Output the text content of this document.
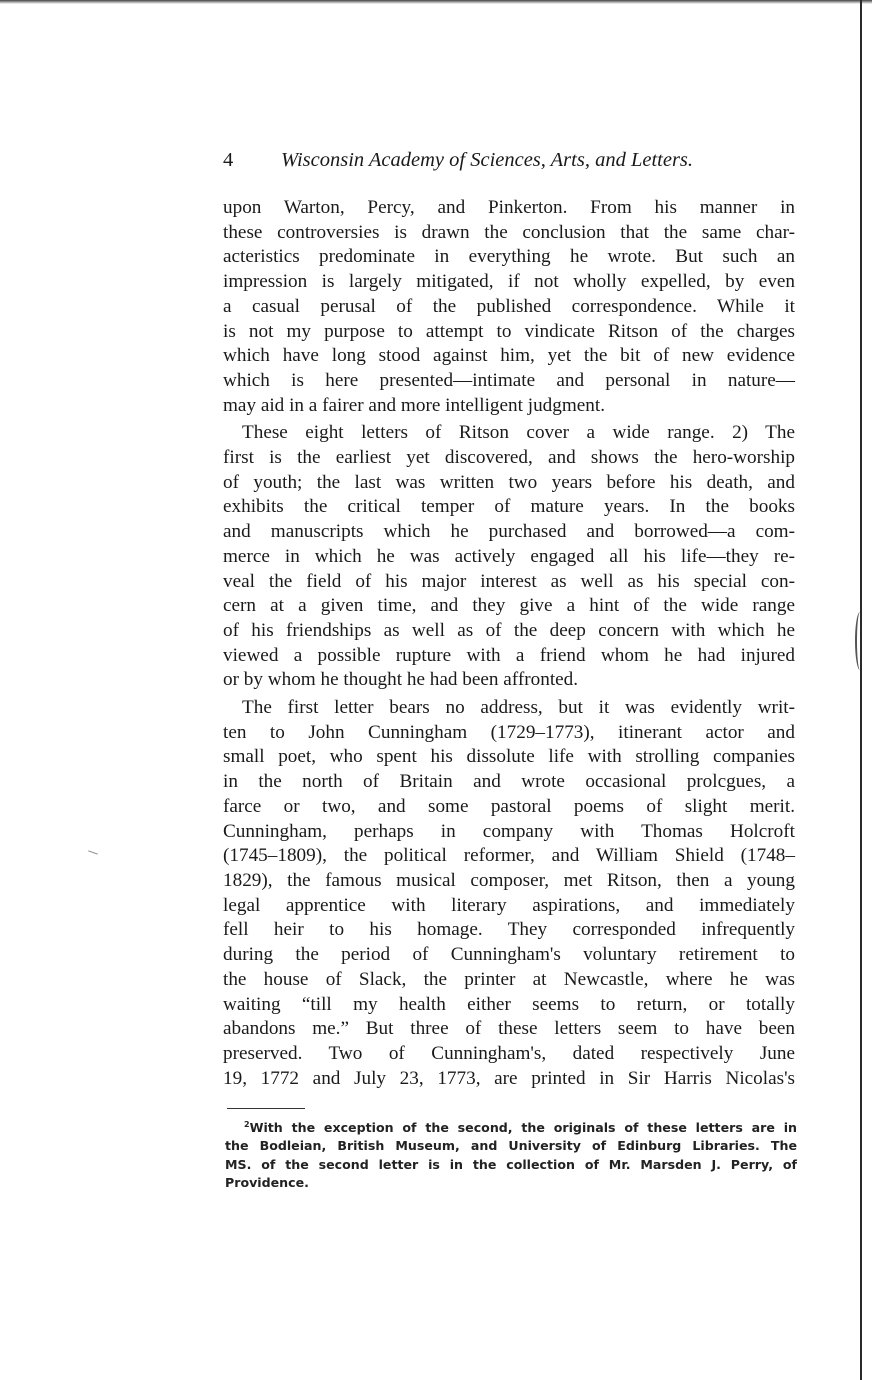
4 Wisconsin Academy of Sciences, Arts, and Letters.
upon Warton, Percy, and Pinkerton. From his manner in
these controversies is drawn the conclusion that the same char-
acteristics predominate in everything he wrote. But such an
impression is largely mitigated, if not wholly expelled, by even
a casual perusal of the published correspondence. While it
is not my purpose to attempt to vindicate Ritson of the charges
which have long stood against him, yet the bit of new evidence
which is here presented—intimate and personal in nature—
may aid in a fairer and more intelligent judgment.
These eight letters of Ritson cover a wide range. 2) The
first is the earliest yet discovered, and shows the hero-worship
of youth; the last was written two years before his death, and
exhibits the critical temper of mature years. In the books
and manuscripts which he purchased and borrowed—a com-
merce in which he was actively engaged all his life—they re-
veal the field of his major interest as well as his special con-
cern at a given time, and they give a hint of the wide range
of his friendships as well as of the deep concern with which he
viewed a possible rupture with a friend whom he had injured
or by whom he thought he had been affronted.
The first letter bears no address, but it was evidently writ-
ten to John Cunningham (1729–1773), itinerant actor and
small poet, who spent his dissolute life with strolling companies
in the north of Britain and wrote occasional prolcgues, a
farce or two, and some pastoral poems of slight merit.
Cunningham, perhaps in company with Thomas Holcroft
(1745–1809), the political reformer, and William Shield (1748–
1829), the famous musical composer, met Ritson, then a young
legal apprentice with literary aspirations, and immediately
fell heir to his homage. They corresponded infrequently
during the period of Cunningham's voluntary retirement to
the house of Slack, the printer at Newcastle, where he was
waiting “till my health either seems to return, or totally
abandons me.” But three of these letters seem to have been
preserved. Two of Cunningham's, dated respectively June
19, 1772 and July 23, 1773, are printed in Sir Harris Nicolas's
$^2$With the exception of the second, the originals of these letters are in
the Bodleian, British Museum, and University of Edinburg Libraries. The
MS. of the second letter is in the collection of Mr. Marsden J. Perry, of
Providence.
